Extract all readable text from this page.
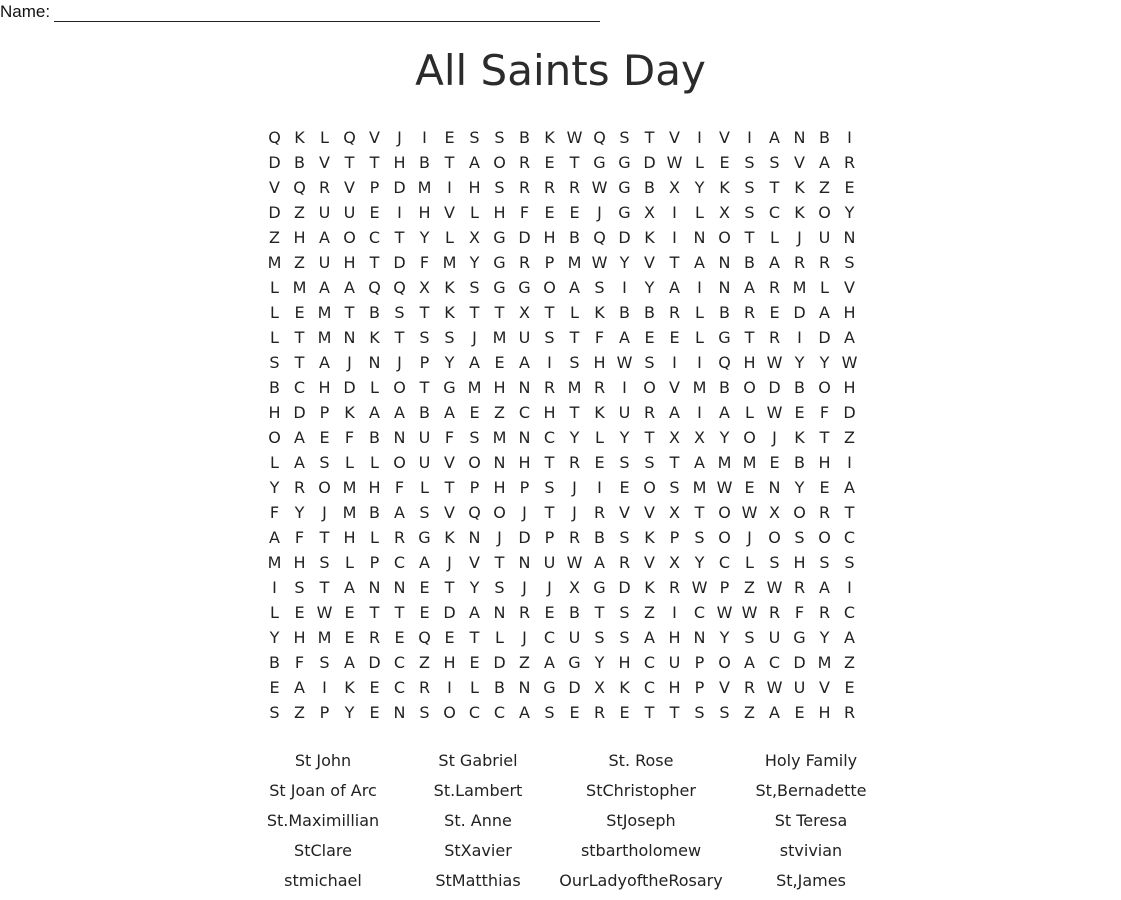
Name:
All Saints Day
Q K L Q V	J	I	E S S B K W Q S T V	I	V	I	A N B	I
D B V T T H B T A O R E T G G D W L E S S V A R
V Q R V P D M I	H S R R R W G B X Y K S T K Z E
D Z U U E	I	H V L H F E E	J	G X	I	L X S C K O Y
Z H A O C T Y L X G D H B Q D K	I	N O T L	J	U N
M Z U H T D F M Y G R P M W Y V T A N B A R R S
L M A A Q Q X K S G G O A S	I	Y A	I	N A R M L V
L E M T B S T K T T X T L K B B R L B R E D A H
L T M N K T S S	J M U S T F A E E L G T R	I	D A
S T A	J	N	J	P Y A E A	I	S H W S	I	I	Q H W Y Y W
B C H D L O T G M H N R M R	I	O V M B O D B O H
H D P K A A B A E Z C H T K U R A	I	A L W E F D
O A E F B N U F S M N C Y L Y T X X Y O	J	K T Z
L A S L	L O U V O N H T R E S S T A M M E B H	I
Y R O M H F L T P H P S	J	I	E O S M W E N Y E A
F Y	J M B A S V Q O	J	T	J	R V V X T O W X O R T
A F T H L R G K N	J	D P R B S K P S O	J	O S O C
M H S L P C A	J	V T N U W A R V X Y C L S H S S
I	S T A N N E T Y S	J	J	X G D K R W P Z W R A	I
L E W E T T E D A N R E B T S Z	I	C W W R F R C
Y H M E R E Q E T L	J	C U S S A H N Y S U G Y A
B F S A D C Z H E D Z A G Y H C U P O A C D M Z
E A	I	K E C R	I	L B N G D X K C H P V R W U V E
S Z P Y E N S O C C A S E R E T T S S Z A E H R
St John	St Gabriel	St. Rose	Holy Family
St Joan of Arc	St.Lambert	StChristopher	St,Bernadette
St.Maximillian	St. Anne	StJoseph	St Teresa
StClare	StXavier	stbartholomew	stvivian
stmichael	StMatthias	OurLadyoftheRosary	St,James
